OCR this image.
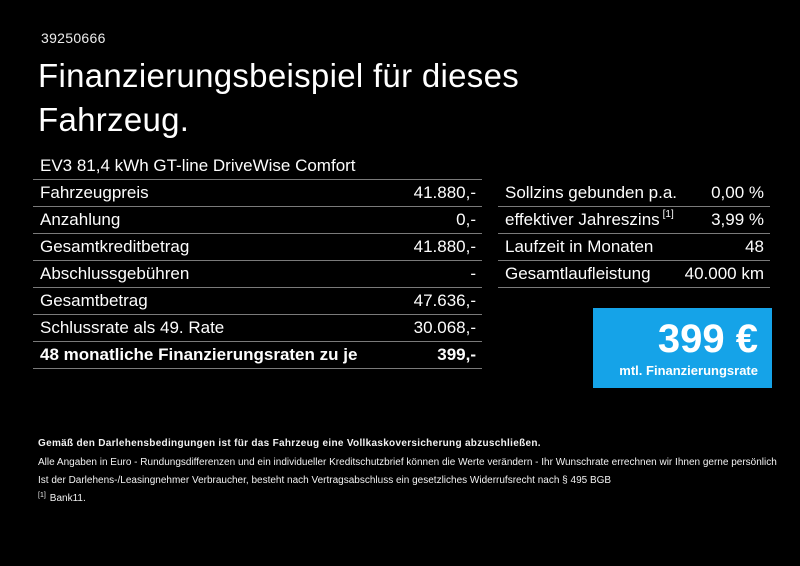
39250666
Finanzierungsbeispiel für dieses
Fahrzeug.
EV3 81,4 kWh GT-line DriveWise Comfort
Fahrzeugpreis	41.880,-
Anzahlung	0,-
Gesamtkreditbetrag	41.880,-
Abschlussgebühren	-
Gesamtbetrag	47.636,-
Schlussrate als 49. Rate	30.068,-
48 monatliche Finanzierungsraten zu je	399,-
Sollzins gebunden p.a. 0,00 %
effektiver Jahreszins [1] 3,99 %
Laufzeit in Monaten	48
Gesamtlaufleistung 40.000 km
399 €
mtl. Finanzierungsrate

Gemäß den Darlehensbedingungen ist für das Fahrzeug eine Vollkaskoversicherung abzuschließen.

Alle Angaben in Euro - Rundungsdifferenzen und ein individueller Kreditschutzbrief können die Werte verändern - Ihr Wunschrate errechnen wir Ihnen gerne persönlich

Ist der Darlehens-/Leasingnehmer Verbraucher, besteht nach Vertragsabschluss ein gesetzliches Widerrufsrecht nach § 495 BGB

[1] Bank11.
